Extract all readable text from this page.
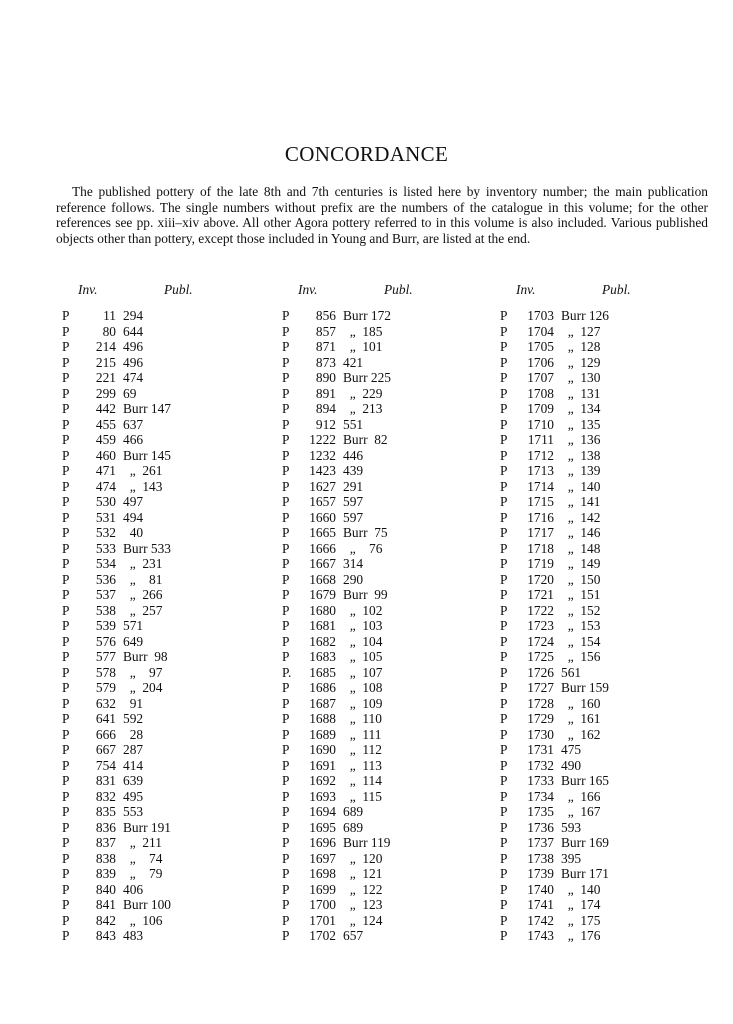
CONCORDANCE

The published pottery of the late 8th and 7th centuries is listed here by inventory number; the main publication reference follows. The single numbers without prefix are the numbers of the catalogue in this volume; for the other references see pp. xiii–xiv above. All other Agora pottery referred to in this volume is also included. Various published objects other than pottery, except those included in Young and Burr, are listed at the end.

Inv.	Publ.
P	11 294
P	80 644
P	214 496
P	215 496
P	221 474
P	299 69
P	442 Burr 147
P	455 637
P	459 466
P	460 Burr 145
P	471 „  261
P	474 „  143
P	530 497
P	531 494
P	532 40
P	533 Burr 533
P	534 „  231
P	536 „    81
P	537 „  266
P	538 „  257
P	539 571
P	576 649
P	577 Burr  98
P	578 „    97
P	579 „  204
P	632 91
P	641 592
P	666 28
P	667 287
P	754 414
P	831 639
P	832 495
P	835 553
P	836 Burr 191
P	837 „  211
P	838 „    74
P	839 „    79
P	840 406
P	841 Burr 100
P	842 „  106
P	843 483
Inv.	Publ.
P	856 Burr 172
P	857 „  185
P	871 „  101
P	873 421
P	890 Burr 225
P	891 „  229
P	894 „  213
P	912 551
P	1222 Burr  82
P	1232 446
P	1423 439
P	1627 291
P	1657 597
P	1660 597
P	1665 Burr  75
P	1666 „    76
P	1667 314
P	1668 290
P	1679 Burr  99
P	1680 „  102
P	1681 „  103
P	1682 „  104
P	1683 „  105
P.	1685 „  107
P	1686 „  108
P	1687 „  109
P	1688 „  110
P	1689 „  111
P	1690 „  112
P	1691 „  113
P	1692 „  114
P	1693 „  115
P	1694 689
P	1695 689
P	1696 Burr 119
P	1697 „  120
P	1698 „  121
P	1699 „  122
P	1700 „  123
P	1701 „  124
P	1702 657
Inv.	Publ.
P	1703 Burr 126
P	1704 „  127
P	1705 „  128
P	1706 „  129
P	1707 „  130
P	1708 „  131
P	1709 „  134
P	1710 „  135
P	1711 „  136
P	1712 „  138
P	1713 „  139
P	1714 „  140
P	1715 „  141
P	1716 „  142
P	1717 „  146
P	1718 „  148
P	1719 „  149
P	1720 „  150
P	1721 „  151
P	1722 „  152
P	1723 „  153
P	1724 „  154
P	1725 „  156
P	1726 561
P	1727 Burr 159
P	1728 „  160
P	1729 „  161
P	1730 „  162
P	1731 475
P	1732 490
P	1733 Burr 165
P	1734 „  166
P	1735 „  167
P	1736 593
P	1737 Burr 169
P	1738 395
P	1739 Burr 171
P	1740 „  140
P	1741 „  174
P	1742 „  175
P	1743 „  176
